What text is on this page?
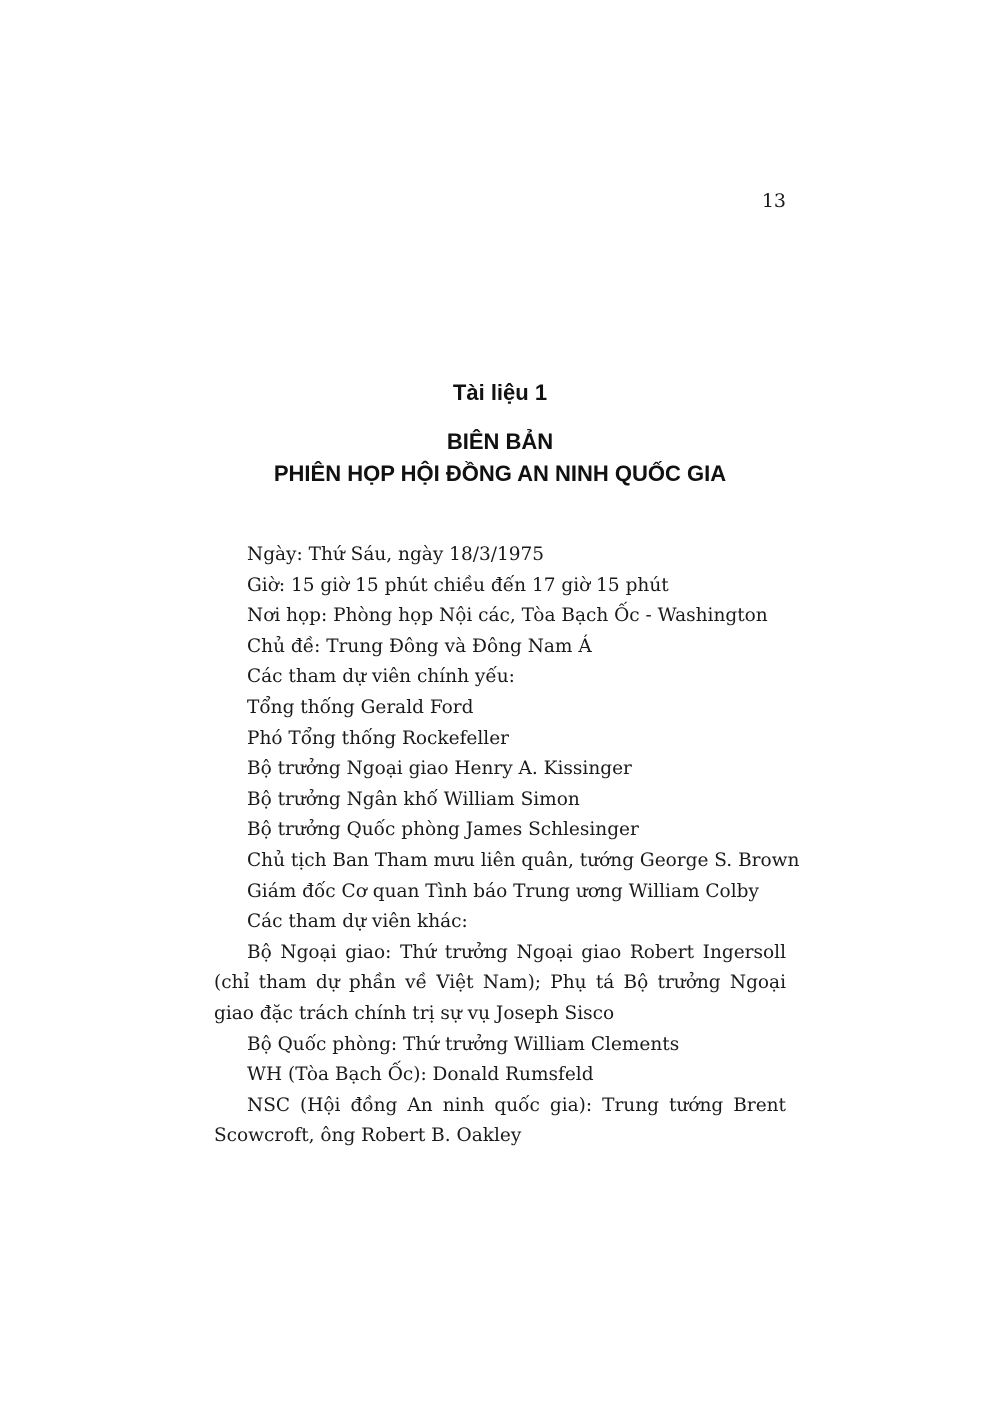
13
Tài liệu 1
BIÊN BẢN
PHIÊN HỌP HỘI ĐỒNG AN NINH QUỐC GIA

Ngày: Thứ Sáu, ngày 18/3/1975

Giờ: 15 giờ 15 phút chiều đến 17 giờ 15 phút

Nơi họp: Phòng họp Nội các, Tòa Bạch Ốc - Washington

Chủ đề: Trung Đông và Đông Nam Á

Các tham dự viên chính yếu:

Tổng thống Gerald Ford

Phó Tổng thống Rockefeller

Bộ trưởng Ngoại giao Henry A. Kissinger

Bộ trưởng Ngân khố William Simon

Bộ trưởng Quốc phòng James Schlesinger

Chủ tịch Ban Tham mưu liên quân, tướng George S. Brown

Giám đốc Cơ quan Tình báo Trung ương William Colby

Các tham dự viên khác:

Bộ Ngoại giao: Thứ trưởng Ngoại giao Robert Ingersoll (chỉ tham dự phần về Việt Nam); Phụ tá Bộ trưởng Ngoại giao đặc trách chính trị sự vụ Joseph Sisco

Bộ Quốc phòng: Thứ trưởng William Clements

WH (Tòa Bạch Ốc): Donald Rumsfeld

NSC (Hội đồng An ninh quốc gia): Trung tướng Brent Scowcroft, ông Robert B. Oakley
